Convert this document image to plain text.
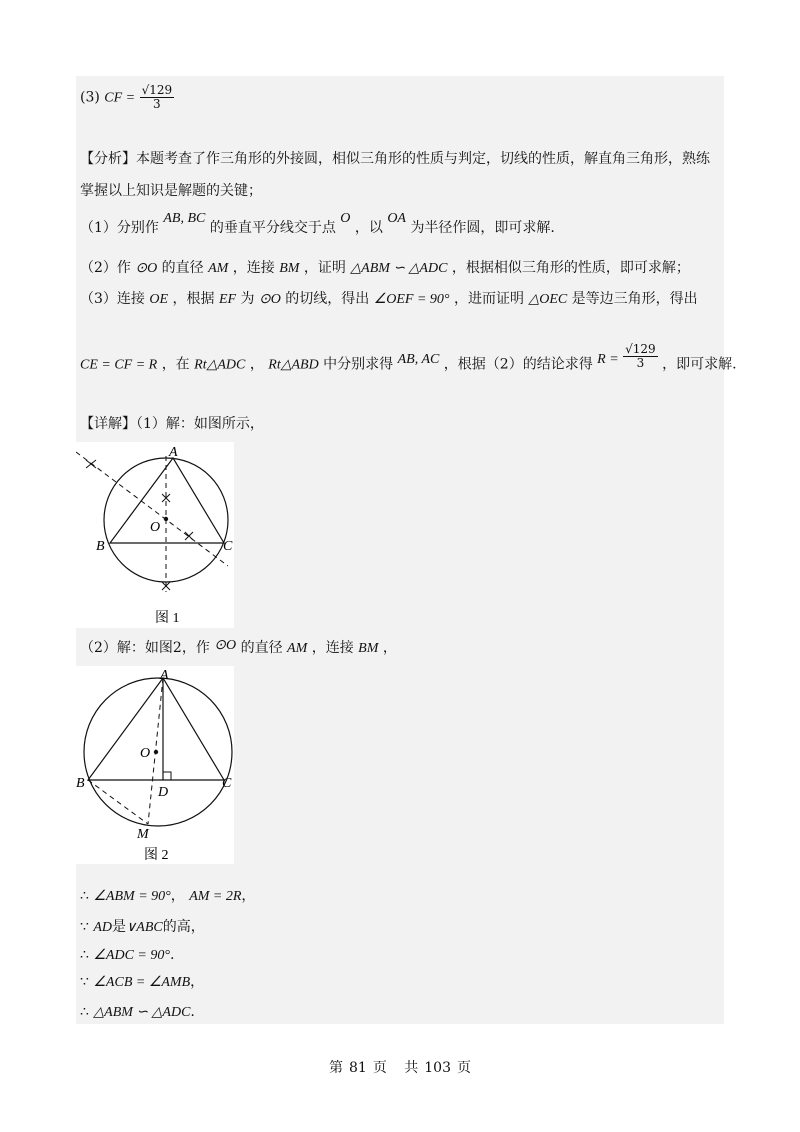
(3) CF = $\frac{√129}{3}$
【分析】本题考查了作三角形的外接圆，相似三角形的性质与判定，切线的性质，解直角三角形，熟练
掌握以上知识是解题的关键；
（1）分别作 AB, BC 的垂直平分线交于点 O ，以 OA 为半径作圆，即可求解.
（2）作 ⊙O 的直径 AM ，连接 BM ，证明 △ABM ∽ △ADC ，根据相似三角形的性质，即可求解；
（3）连接 OE ，根据 EF 为 ⊙O 的切线，得出 ∠OEF = 90° ，进而证明 △OEC 是等边三角形，得出
CE = CF = R ，在 Rt△ADC ， Rt△ABD 中分别求得 AB, AC ，根据（2）的结论求得 $R = \frac{√129}{3}$ ，即可求解.
【详解】（1）解：如图所示，
A
B	C
O
图 1
（2）解：如图2，作 ⊙O 的直径 AM ，连接 BM ，
A
B	C
O
D
M
图 2
∴ ∠ABM = 90°， AM = 2R，
∵ AD是∨ABC的高，
∴ ∠ADC = 90°.
∵ ∠ACB = ∠AMB，
∴ △ABM ∽ △ADC.
第 81 页 共 103 页
